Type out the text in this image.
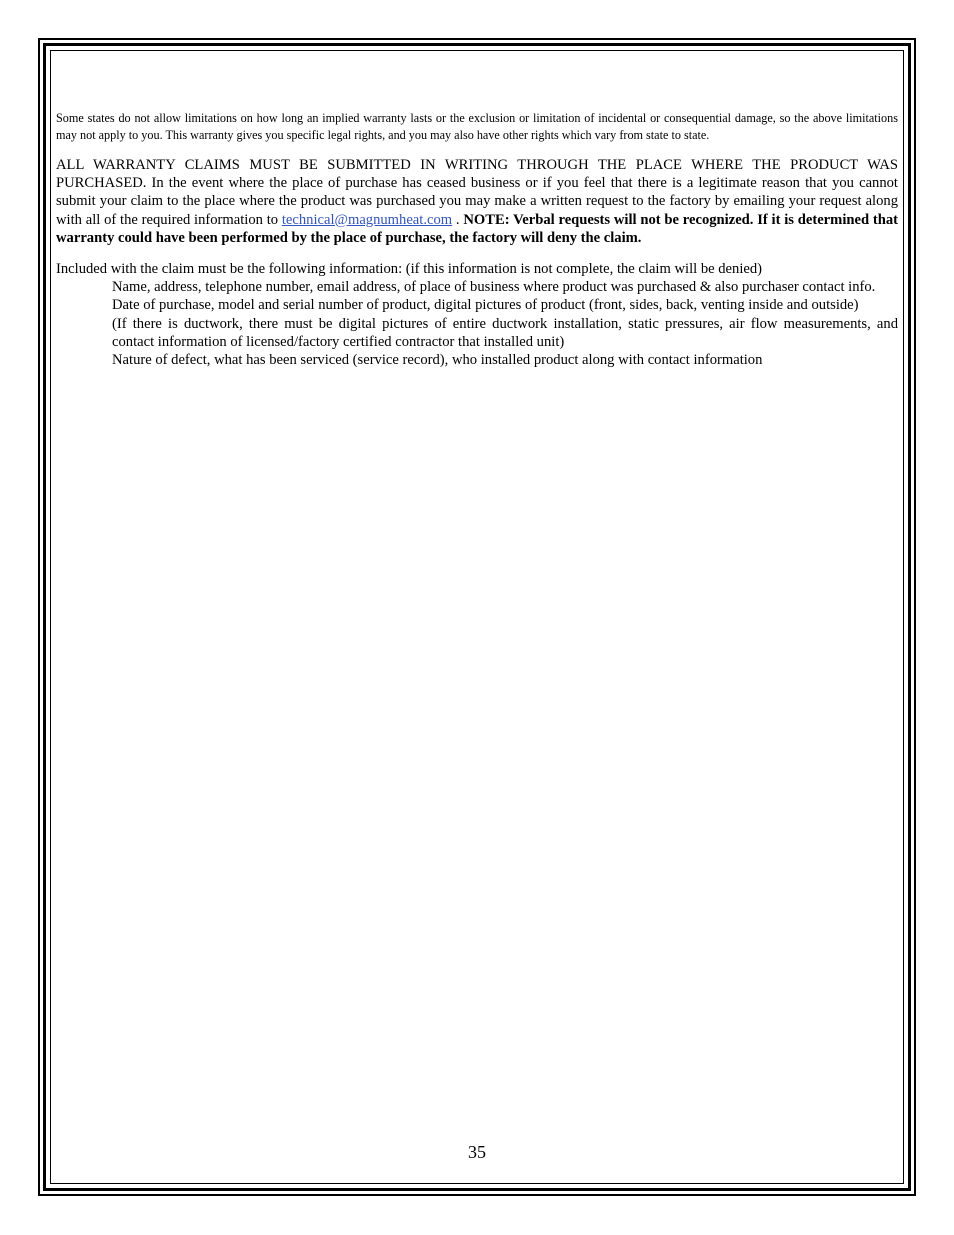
Some states do not allow limitations on how long an implied warranty lasts or the exclusion or limitation of incidental or consequential damage, so the above limitations may not apply to you. This warranty gives you specific legal rights, and you may also have other rights which vary from state to state.

ALL WARRANTY CLAIMS MUST BE SUBMITTED IN WRITING THROUGH THE PLACE WHERE THE PRODUCT WAS PURCHASED. In the event where the place of purchase has ceased business or if you feel that there is a legitimate reason that you cannot submit your claim to the place where the product was purchased you may make a written request to the factory by emailing your request along with all of the required information to technical@magnumheat.com . NOTE: Verbal requests will not be recognized. If it is determined that warranty could have been performed by the place of purchase, the factory will deny the claim.

Included with the claim must be the following information: (if this information is not complete, the claim will be denied)

Name, address, telephone number, email address, of place of business where product was purchased & also purchaser contact info.

Date of purchase, model and serial number of product, digital pictures of product (front, sides, back, venting inside and outside)

(If there is ductwork, there must be digital pictures of entire ductwork installation, static pressures, air flow measurements, and contact information of licensed/factory certified contractor that installed unit)

Nature of defect, what has been serviced (service record), who installed product along with contact information

35
